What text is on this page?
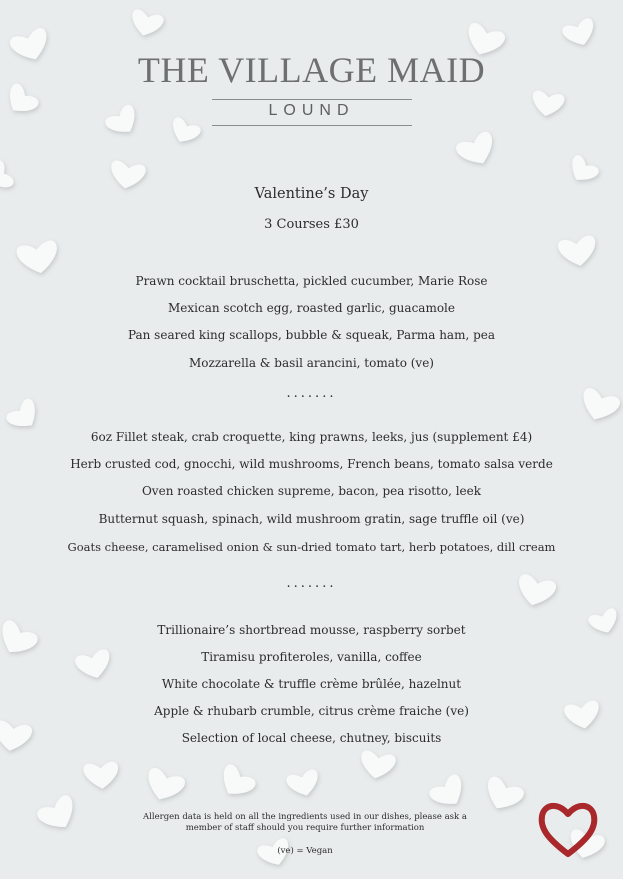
THE VILLAGE MAID
LOUND
Valentine’s Day
3 Courses £30
Prawn cocktail bruschetta, pickled cucumber, Marie Rose
Mexican scotch egg, roasted garlic, guacamole
Pan seared king scallops, bubble & squeak, Parma ham, pea
Mozzarella & basil arancini, tomato (ve)
.......
6oz Fillet steak, crab croquette, king prawns, leeks, jus (supplement £4)
Herb crusted cod, gnocchi, wild mushrooms, French beans, tomato salsa verde
Oven roasted chicken supreme, bacon, pea risotto, leek
Butternut squash, spinach, wild mushroom gratin, sage truffle oil (ve)
Goats cheese, caramelised onion & sun-dried tomato tart, herb potatoes, dill cream
.......
Trillionaire’s shortbread mousse, raspberry sorbet
Tiramisu profiteroles, vanilla, coffee
White chocolate & truffle crème brûlée, hazelnut
Apple & rhubarb crumble, citrus crème fraiche (ve)
Selection of local cheese, chutney, biscuits
Allergen data is held on all the ingredients used in our dishes, please ask a
member of staff should you require further information
(ve) = Vegan
